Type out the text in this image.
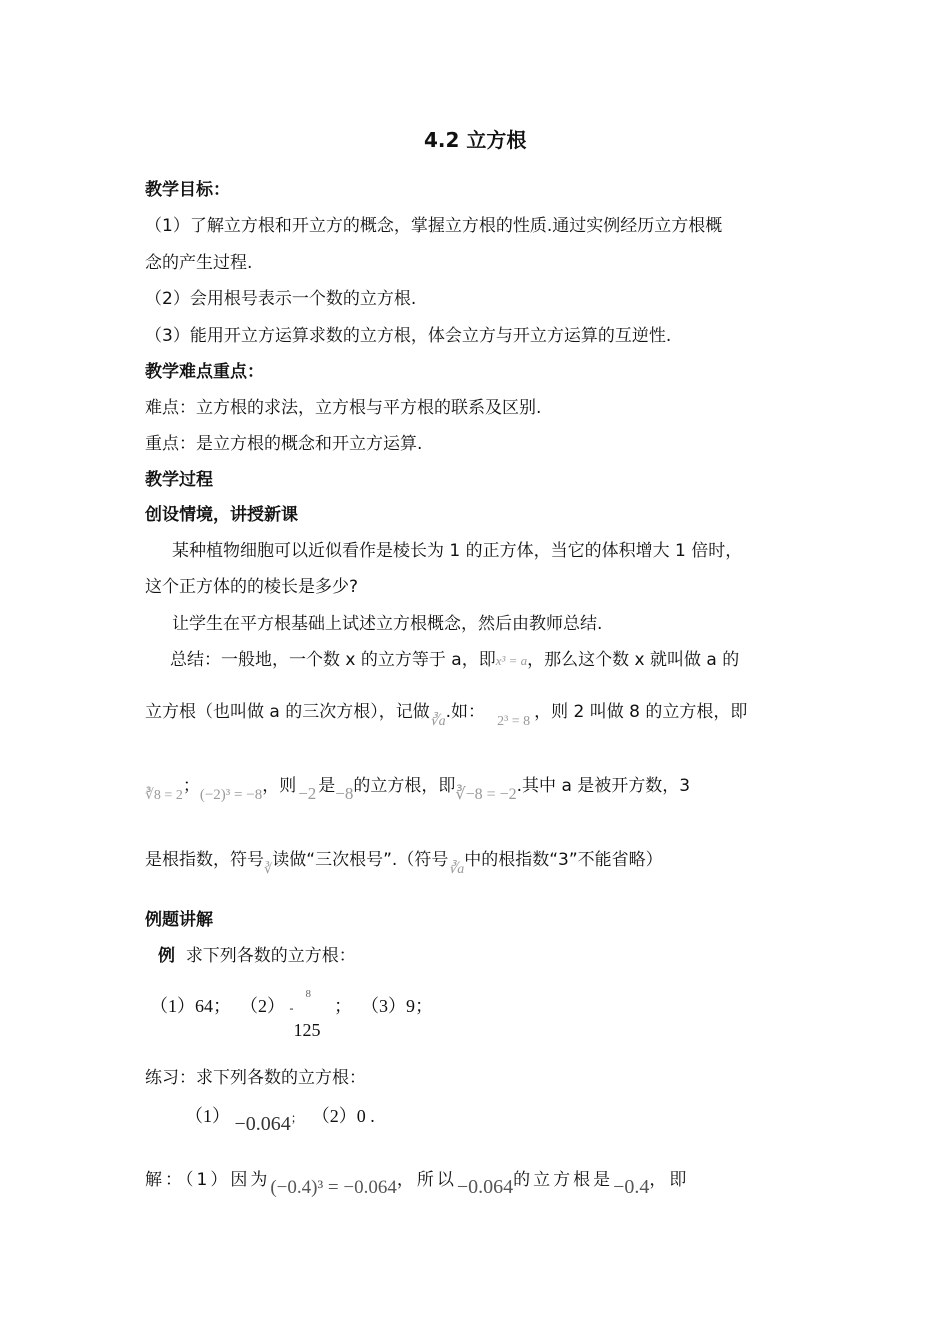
4.2 立方根
教学目标：
（1）了解立方根和开立方的概念，掌握立方根的性质.通过实例经历立方根概
念的产生过程.
（2）会用根号表示一个数的立方根.
（3）能用开立方运算求数的立方根，体会立方与开立方运算的互逆性.
教学难点重点：
难点：立方根的求法，立方根与平方根的联系及区别.
重点：是立方根的概念和开立方运算.
教学过程
创设情境，讲授新课
某种植物细胞可以近似看作是棱长为 1 的正方体，当它的体积增大 1 倍时，
这个正方体的的棱长是多少?
让学生在平方根基础上试述立方根概念，然后由教师总结.
总结：一般地，一个数 x 的立方等于 a，即x³ = a，那么这个数 x 就叫做 a 的
立方根（也叫做 a 的三次方根），记做$_{∛a}$.如： $_{2^3 = 8}$ ，则 2 叫做 8 的立方根，即
$_{∛8 = 2}$；(−2)³ = −8，则 −2 是−8的立方根，即∛−8 = −2.其中 a 是被开方数，3
是根指数，符号$_∛$读做“三次根号”.（符号$_{∛a}$中的根指数“3”不能省略）
例题讲解
例 求下列各数的立方根：
（1）64； （2） -
8
125
； （3）9；
练习：求下列各数的立方根：
（1） −0.064； （2）0 .
解：（1）因为(−0.4)³ = −0.064，所以−0.064的立方根是−0.4，即
